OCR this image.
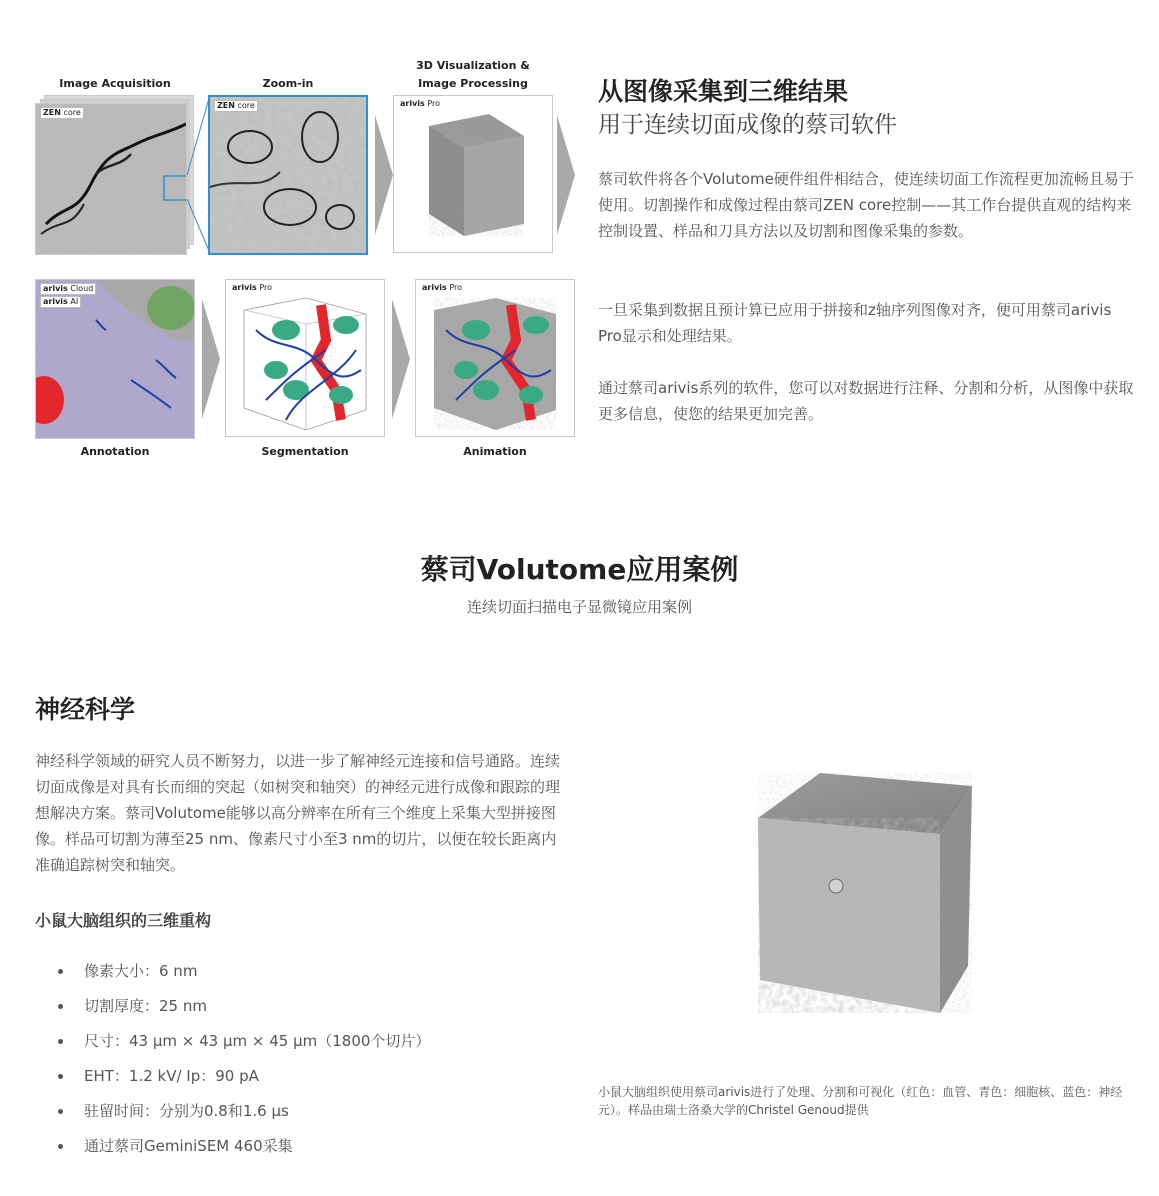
Image Acquisition	Zoom-in
3D Visualization &
Image Processing
ZEN core
ZEN core	arivis Pro
arivis Cloud
arivis AI
arivis Pro	arivis Pro
Annotation	Segmentation	Animation
从图像采集到三维结果
用于连续切面成像的蔡司软件

蔡司软件将各个Volutome硬件组件相结合，使连续切面工作流程更加流畅且易于使用。切割操作和成像过程由蔡司ZEN core控制——其工作台提供直观的结构来控制设置、样品和刀具方法以及切割和图像采集的参数。

一旦采集到数据且预计算已应用于拼接和z轴序列图像对齐，便可用蔡司arivis Pro显示和处理结果。

通过蔡司arivis系列的软件，您可以对数据进行注释、分割和分析，从图像中获取更多信息，使您的结果更加完善。

蔡司Volutome应用案例
连续切面扫描电子显微镜应用案例
神经科学

神经科学领域的研究人员不断努力，以进一步了解神经元连接和信号通路。连续切面成像是对具有长而细的突起（如树突和轴突）的神经元进行成像和跟踪的理想解决方案。蔡司Volutome能够以高分辨率在所有三个维度上采集大型拼接图像。样品可切割为薄至25 nm、像素尺寸小至3 nm的切片，以便在较长距离内准确追踪树突和轴突。

小鼠大脑组织的三维重构
像素大小：6 nm
切割厚度：25 nm
尺寸：43 µm × 43 µm × 45 µm（1800个切片）
EHT：1.2 kV/ Ip：90 pA
驻留时间：分别为0.8和1.6 µs
通过蔡司GeminiSEM 460采集

小鼠大脑组织使用蔡司arivis进行了处理、分割和可视化（红色：血管、青色：细胞核、蓝色：神经元）。样品由瑞士洛桑大学的Christel Genoud提供
